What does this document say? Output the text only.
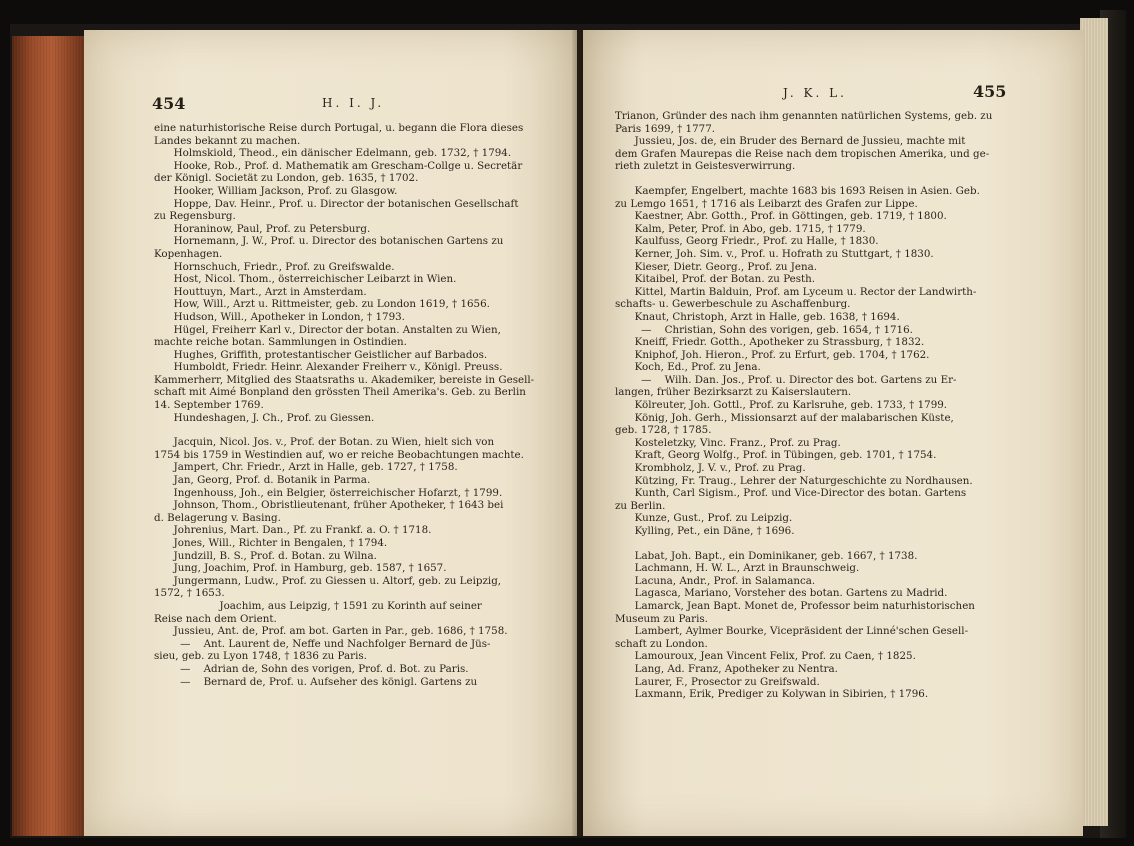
454	H. I. J.

eine naturhistorische Reise durch Portugal, u. begann die Flora dieses

Landes bekannt zu machen.

Holmskiold, Theod., ein dänischer Edelmann, geb. 1732, † 1794.

Hooke, Rob., Prof. d. Mathematik am Grescham-Collge u. Secretär

der Königl. Societät zu London, geb. 1635, † 1702.

Hooker, William Jackson, Prof. zu Glasgow.

Hoppe, Dav. Heinr., Prof. u. Director der botanischen Gesellschaft

zu Regensburg.

Horaninow, Paul, Prof. zu Petersburg.

Hornemann, J. W., Prof. u. Director des botanischen Gartens zu

Kopenhagen.

Hornschuch, Friedr., Prof. zu Greifswalde.

Host, Nicol. Thom., österreichischer Leibarzt in Wien.

Houttuyn, Mart., Arzt in Amsterdam.

How, Will., Arzt u. Rittmeister, geb. zu London 1619, † 1656.

Hudson, Will., Apotheker in London, † 1793.

Hügel, Freiherr Karl v., Director der botan. Anstalten zu Wien,

machte reiche botan. Sammlungen in Ostindien.

Hughes, Griffith, protestantischer Geistlicher auf Barbados.

Humboldt, Friedr. Heinr. Alexander Freiherr v., Königl. Preuss.

Kammerherr, Mitglied des Staatsraths u. Akademiker, bereiste in Gesell-

schaft mit Aimé Bonpland den grössten Theil Amerika's. Geb. zu Berlin

14. September 1769.

Hundeshagen, J. Ch., Prof. zu Giessen.

Jacquin, Nicol. Jos. v., Prof. der Botan. zu Wien, hielt sich von

1754 bis 1759 in Westindien auf, wo er reiche Beobachtungen machte.

Jampert, Chr. Friedr., Arzt in Halle, geb. 1727, † 1758.

Jan, Georg, Prof. d. Botanik in Parma.

Ingenhouss, Joh., ein Belgier, österreichischer Hofarzt, † 1799.

Johnson, Thom., Obristlieutenant, früher Apotheker, † 1643 bei

d. Belagerung v. Basing.

Johrenius, Mart. Dan., Pf. zu Frankf. a. O. † 1718.

Jones, Will., Richter in Bengalen, † 1794.

Jundzill, B. S., Prof. d. Botan. zu Wilna.

Jung, Joachim, Prof. in Hamburg, geb. 1587, † 1657.

Jungermann, Ludw., Prof. zu Giessen u. Altorf, geb. zu Leipzig,

1572, † 1653.

Joachim, aus Leipzig, † 1591 zu Korinth auf seiner

Reise nach dem Orient.

Jussieu, Ant. de, Prof. am bot. Garten in Par., geb. 1686, † 1758.

—    Ant. Laurent de, Neffe und Nachfolger Bernard de Jüs-

sieu, geb. zu Lyon 1748, † 1836 zu Paris.

—    Adrian de, Sohn des vorigen, Prof. d. Bot. zu Paris.

—    Bernard de, Prof. u. Aufseher des königl. Gartens zu

J. K. L.	455

Trianon, Gründer des nach ihm genannten natürlichen Systems, geb. zu

Paris 1699, † 1777.

Jussieu, Jos. de, ein Bruder des Bernard de Jussieu, machte mit

dem Grafen Maurepas die Reise nach dem tropischen Amerika, und ge-

rieth zuletzt in Geistesverwirrung.

Kaempfer, Engelbert, machte 1683 bis 1693 Reisen in Asien. Geb.

zu Lemgo 1651, † 1716 als Leibarzt des Grafen zur Lippe.

Kaestner, Abr. Gotth., Prof. in Göttingen, geb. 1719, † 1800.

Kalm, Peter, Prof. in Abo, geb. 1715, † 1779.

Kaulfuss, Georg Friedr., Prof. zu Halle, † 1830.

Kerner, Joh. Sim. v., Prof. u. Hofrath zu Stuttgart, † 1830.

Kieser, Dietr. Georg., Prof. zu Jena.

Kitaibel, Prof. der Botan. zu Pesth.

Kittel, Martin Balduin, Prof. am Lyceum u. Rector der Landwirth-

schafts- u. Gewerbeschule zu Aschaffenburg.

Knaut, Christoph, Arzt in Halle, geb. 1638, † 1694.

—    Christian, Sohn des vorigen, geb. 1654, † 1716.

Kneiff, Friedr. Gotth., Apotheker zu Strassburg, † 1832.

Kniphof, Joh. Hieron., Prof. zu Erfurt, geb. 1704, † 1762.

Koch, Ed., Prof. zu Jena.

—    Wilh. Dan. Jos., Prof. u. Director des bot. Gartens zu Er-

langen, früher Bezirksarzt zu Kaiserslautern.

Kölreuter, Joh. Gottl., Prof. zu Karlsruhe, geb. 1733, † 1799.

König, Joh. Gerh., Missionsarzt auf der malabarischen Küste,

geb. 1728, † 1785.

Kosteletzky, Vinc. Franz., Prof. zu Prag.

Kraft, Georg Wolfg., Prof. in Tübingen, geb. 1701, † 1754.

Krombholz, J. V. v., Prof. zu Prag.

Kützing, Fr. Traug., Lehrer der Naturgeschichte zu Nordhausen.

Kunth, Carl Sigism., Prof. und Vice-Director des botan. Gartens

zu Berlin.

Kunze, Gust., Prof. zu Leipzig.

Kylling, Pet., ein Däne, † 1696.

Labat, Joh. Bapt., ein Dominikaner, geb. 1667, † 1738.

Lachmann, H. W. L., Arzt in Braunschweig.

Lacuna, Andr., Prof. in Salamanca.

Lagasca, Mariano, Vorsteher des botan. Gartens zu Madrid.

Lamarck, Jean Bapt. Monet de, Professor beim naturhistorischen

Museum zu Paris.

Lambert, Aylmer Bourke, Vicepräsident der Linné'schen Gesell-

schaft zu London.

Lamouroux, Jean Vincent Felix, Prof. zu Caen, † 1825.

Lang, Ad. Franz, Apotheker zu Nentra.

Laurer, F., Prosector zu Greifswald.

Laxmann, Erik, Prediger zu Kolywan in Sibirien, † 1796.
